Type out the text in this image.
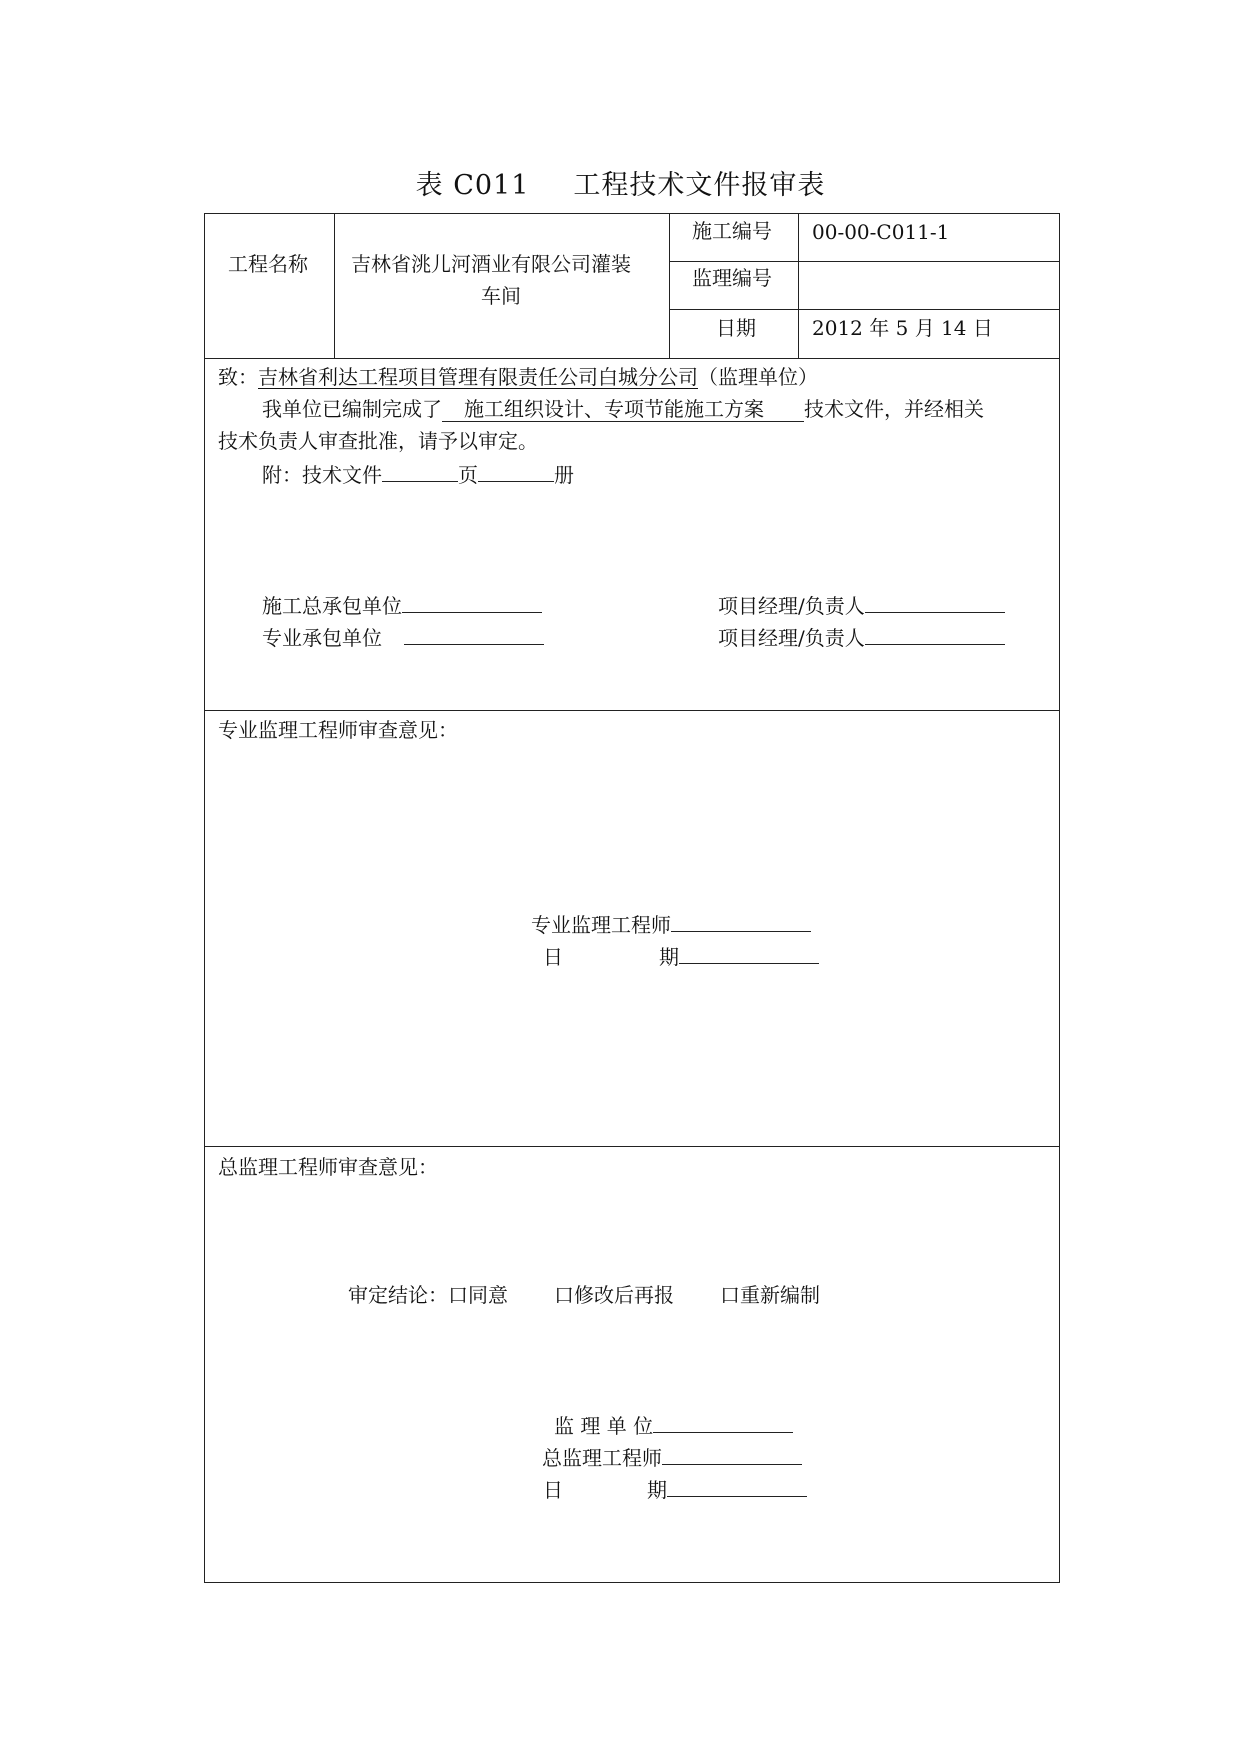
表 C011 工程技术文件报审表
工程名称 吉林省洮儿河酒业有限公司灌装
车间
施工编号 00-00-C011-1
监理编号
日期	2012 年 5 月 14 日
致：吉林省利达工程项目管理有限责任公司白城分公司（监理单位）
我单位已编制完成了 施工组织设计、专项节能施工方案 技术文件，并经相关
技术负责人审查批准，请予以审定。
附：技术文件	页	册
施工总承包单位	项目经理/负责人
专业承包单位	项目经理/负责人
专业监理工程师审查意见：
专业监理工程师
日	期
总监理工程师审查意见：
审定结论：口同意 口修改后再报 口重新编制
监 理 单 位
总监理工程师
日	期
